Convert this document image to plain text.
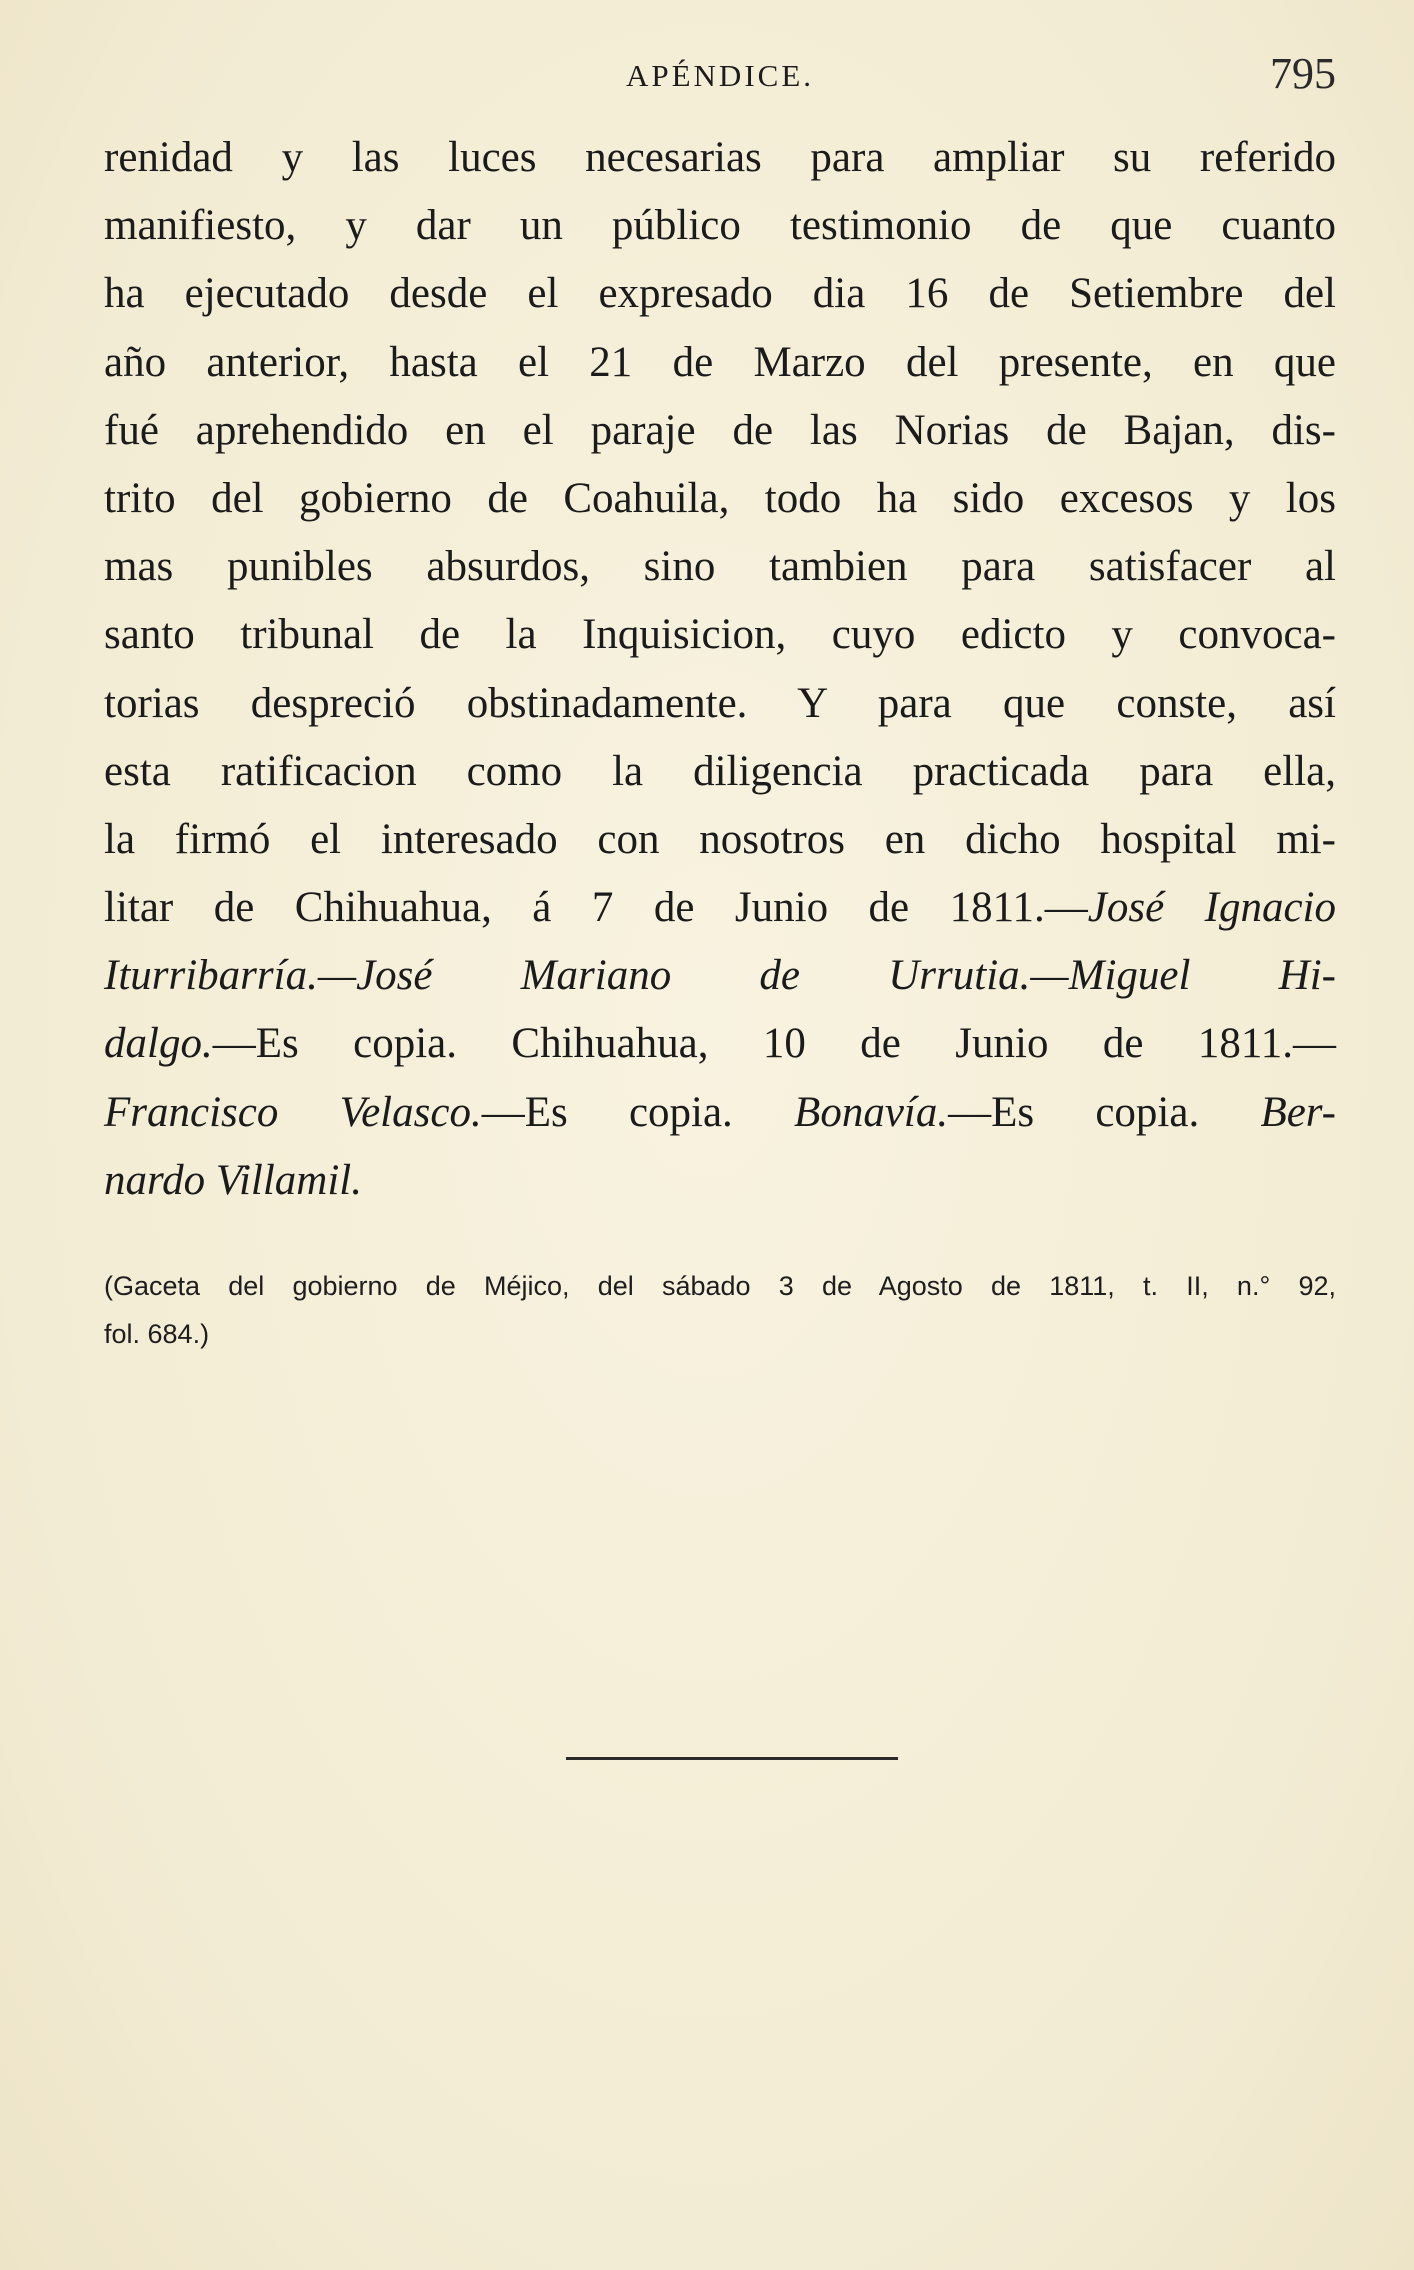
APÉNDICE.	795
renidad y las luces necesarias para ampliar su referido
manifiesto, y dar un público testimonio de que cuanto
ha ejecutado desde el expresado dia 16 de Setiembre del
año anterior, hasta el 21 de Marzo del presente, en que
fué aprehendido en el paraje de las Norias de Bajan, dis-
trito del gobierno de Coahuila, todo ha sido excesos y los
mas punibles absurdos, sino tambien para satisfacer al
santo tribunal de la Inquisicion, cuyo edicto y convoca-
torias despreció obstinadamente. Y para que conste, así
esta ratificacion como la diligencia practicada para ella,
la firmó el interesado con nosotros en dicho hospital mi-
litar de Chihuahua, á 7 de Junio de 1811.—José Ignacio
Iturribarría.—José Mariano de Urrutia.—Miguel Hi-
dalgo.—Es copia. Chihuahua, 10 de Junio de 1811.—
Francisco Velasco.—Es copia. Bonavía.—Es copia. Ber-
nardo Villamil.
(Gaceta del gobierno de Méjico, del sábado 3 de Agosto de 1811, t. II, n.° 92,
fol. 684.)
